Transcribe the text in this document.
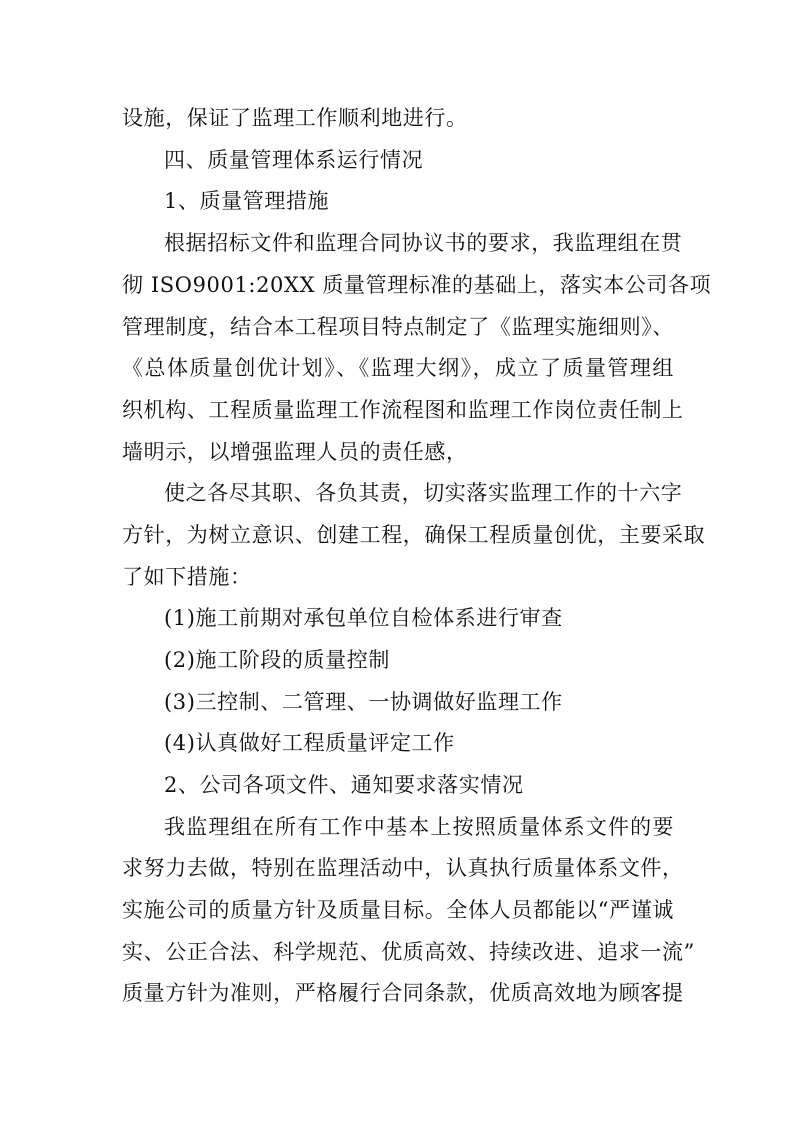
设施，保证了监理工作顺利地进行。
四、质量管理体系运行情况
1、质量管理措施
根据招标文件和监理合同协议书的要求，我监理组在贯
彻 ISO9001:20XX 质量管理标准的基础上，落实本公司各项
管理制度，结合本工程项目特点制定了《监理实施细则》、
《总体质量创优计划》、《监理大纲》，成立了质量管理组
织机构、工程质量监理工作流程图和监理工作岗位责任制上
墙明示，以增强监理人员的责任感，
使之各尽其职、各负其责，切实落实监理工作的十六字
方针，为树立意识、创建工程，确保工程质量创优，主要采取
了如下措施：
(1)施工前期对承包单位自检体系进行审查
(2)施工阶段的质量控制
(3)三控制、二管理、一协调做好监理工作
(4)认真做好工程质量评定工作
2、公司各项文件、通知要求落实情况
我监理组在所有工作中基本上按照质量体系文件的要
求努力去做，特别在监理活动中，认真执行质量体系文件，
实施公司的质量方针及质量目标。全体人员都能以“严谨诚
实、公正合法、科学规范、优质高效、持续改进、追求一流”
质量方针为准则，严格履行合同条款，优质高效地为顾客提
